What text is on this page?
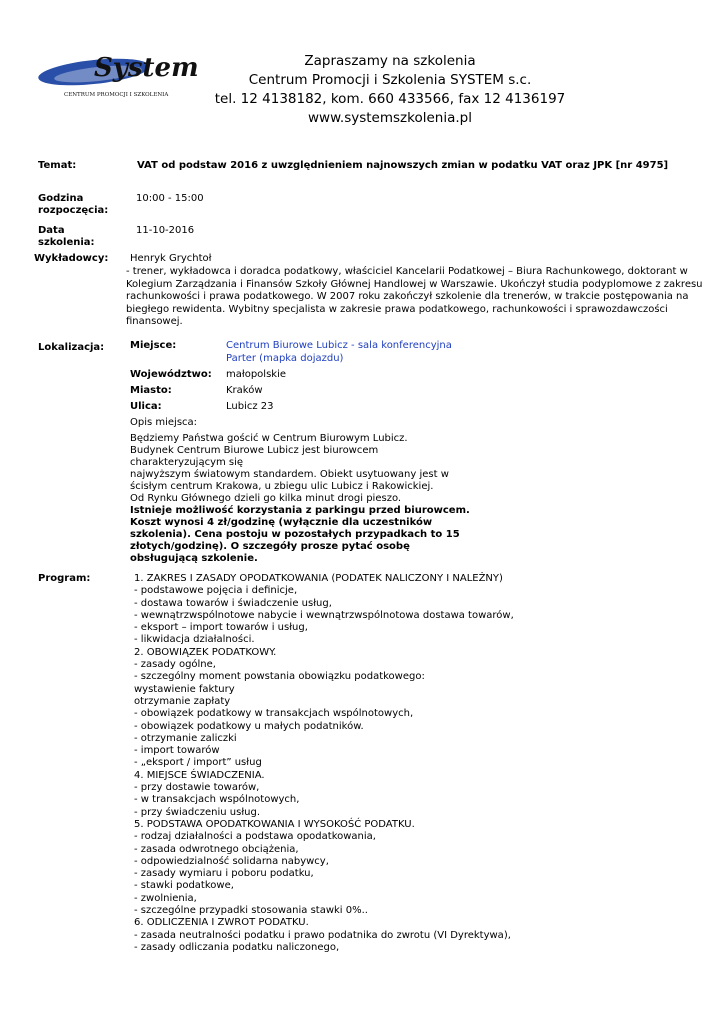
System
CENTRUM PROMOCJI I SZKOLENIA
Zapraszamy na szkolenia
Centrum Promocji i Szkolenia SYSTEM s.c.
tel. 12 4138182, kom. 660 433566, fax 12 4136197
www.systemszkolenia.pl
Temat:	VAT od podstaw 2016 z uwzględnieniem najnowszych zmian w podatku VAT oraz JPK [nr 4975]
Godzina
rozpoczęcia:
10:00 - 15:00
Data
szkolenia:
11-10-2016
Wykładowcy: Henryk Grychtoł
- trener, wykładowca i doradca podatkowy, właściciel Kancelarii Podatkowej – Biura Rachunkowego, doktorant w Kolegium Zarządzania i Finansów Szkoły Głównej Handlowej w Warszawie. Ukończył studia podyplomowe z zakresu rachunkowości i prawa podatkowego. W 2007 roku zakończył szkolenie dla trenerów, w trakcie postępowania na biegłego rewidenta. Wybitny specjalista w zakresie prawa podatkowego, rachunkowości i sprawozdawczości finansowej.
Lokalizacja:	Miejsce:	Centrum Biurowe Lubicz - sala konferencyjna
Parter (mapka dojazdu)
Województwo: małopolskie
Miasto:	Kraków
Ulica:	Lubicz 23
Opis miejsca:
Będziemy Państwa gościć w Centrum Biurowym Lubicz.
Budynek Centrum Biurowe Lubicz jest biurowcem
charakteryzującym się
najwyższym światowym standardem. Obiekt usytuowany jest w
ścisłym centrum Krakowa, u zbiegu ulic Lubicz i Rakowickiej.
Od Rynku Głównego dzieli go kilka minut drogi pieszo.
Istnieje możliwość korzystania z parkingu przed biurowcem.
Koszt wynosi 4 zł/godzinę (wyłącznie dla uczestników
szkolenia). Cena postoju w pozostałych przypadkach to 15
złotych/godzinę). O szczegóły prosze pytać osobę
obsługującą szkolenie.
Program:	1. ZAKRES I ZASADY OPODATKOWANIA (PODATEK NALICZONY I NALEŻNY)
- podstawowe pojęcia i definicje,
- dostawa towarów i świadczenie usług,
- wewnątrzwspólnotowe nabycie i wewnątrzwspólnotowa dostawa towarów,
- eksport – import towarów i usług,
- likwidacja działalności.
2. OBOWIĄZEK PODATKOWY.
- zasady ogólne,
- szczególny moment powstania obowiązku podatkowego:
wystawienie faktury
otrzymanie zapłaty
- obowiązek podatkowy w transakcjach wspólnotowych,
- obowiązek podatkowy u małych podatników.
- otrzymanie zaliczki
- import towarów
- „eksport / import” usług
4. MIEJSCE ŚWIADCZENIA.
- przy dostawie towarów,
- w transakcjach wspólnotowych,
- przy świadczeniu usług.
5. PODSTAWA OPODATKOWANIA I WYSOKOŚĆ PODATKU.
- rodzaj działalności a podstawa opodatkowania,
- zasada odwrotnego obciążenia,
- odpowiedzialność solidarna nabywcy,
- zasady wymiaru i poboru podatku,
- stawki podatkowe,
- zwolnienia,
- szczególne przypadki stosowania stawki 0%..
6. ODLICZENIA I ZWROT PODATKU.
- zasada neutralności podatku i prawo podatnika do zwrotu (VI Dyrektywa),
- zasady odliczania podatku naliczonego,
